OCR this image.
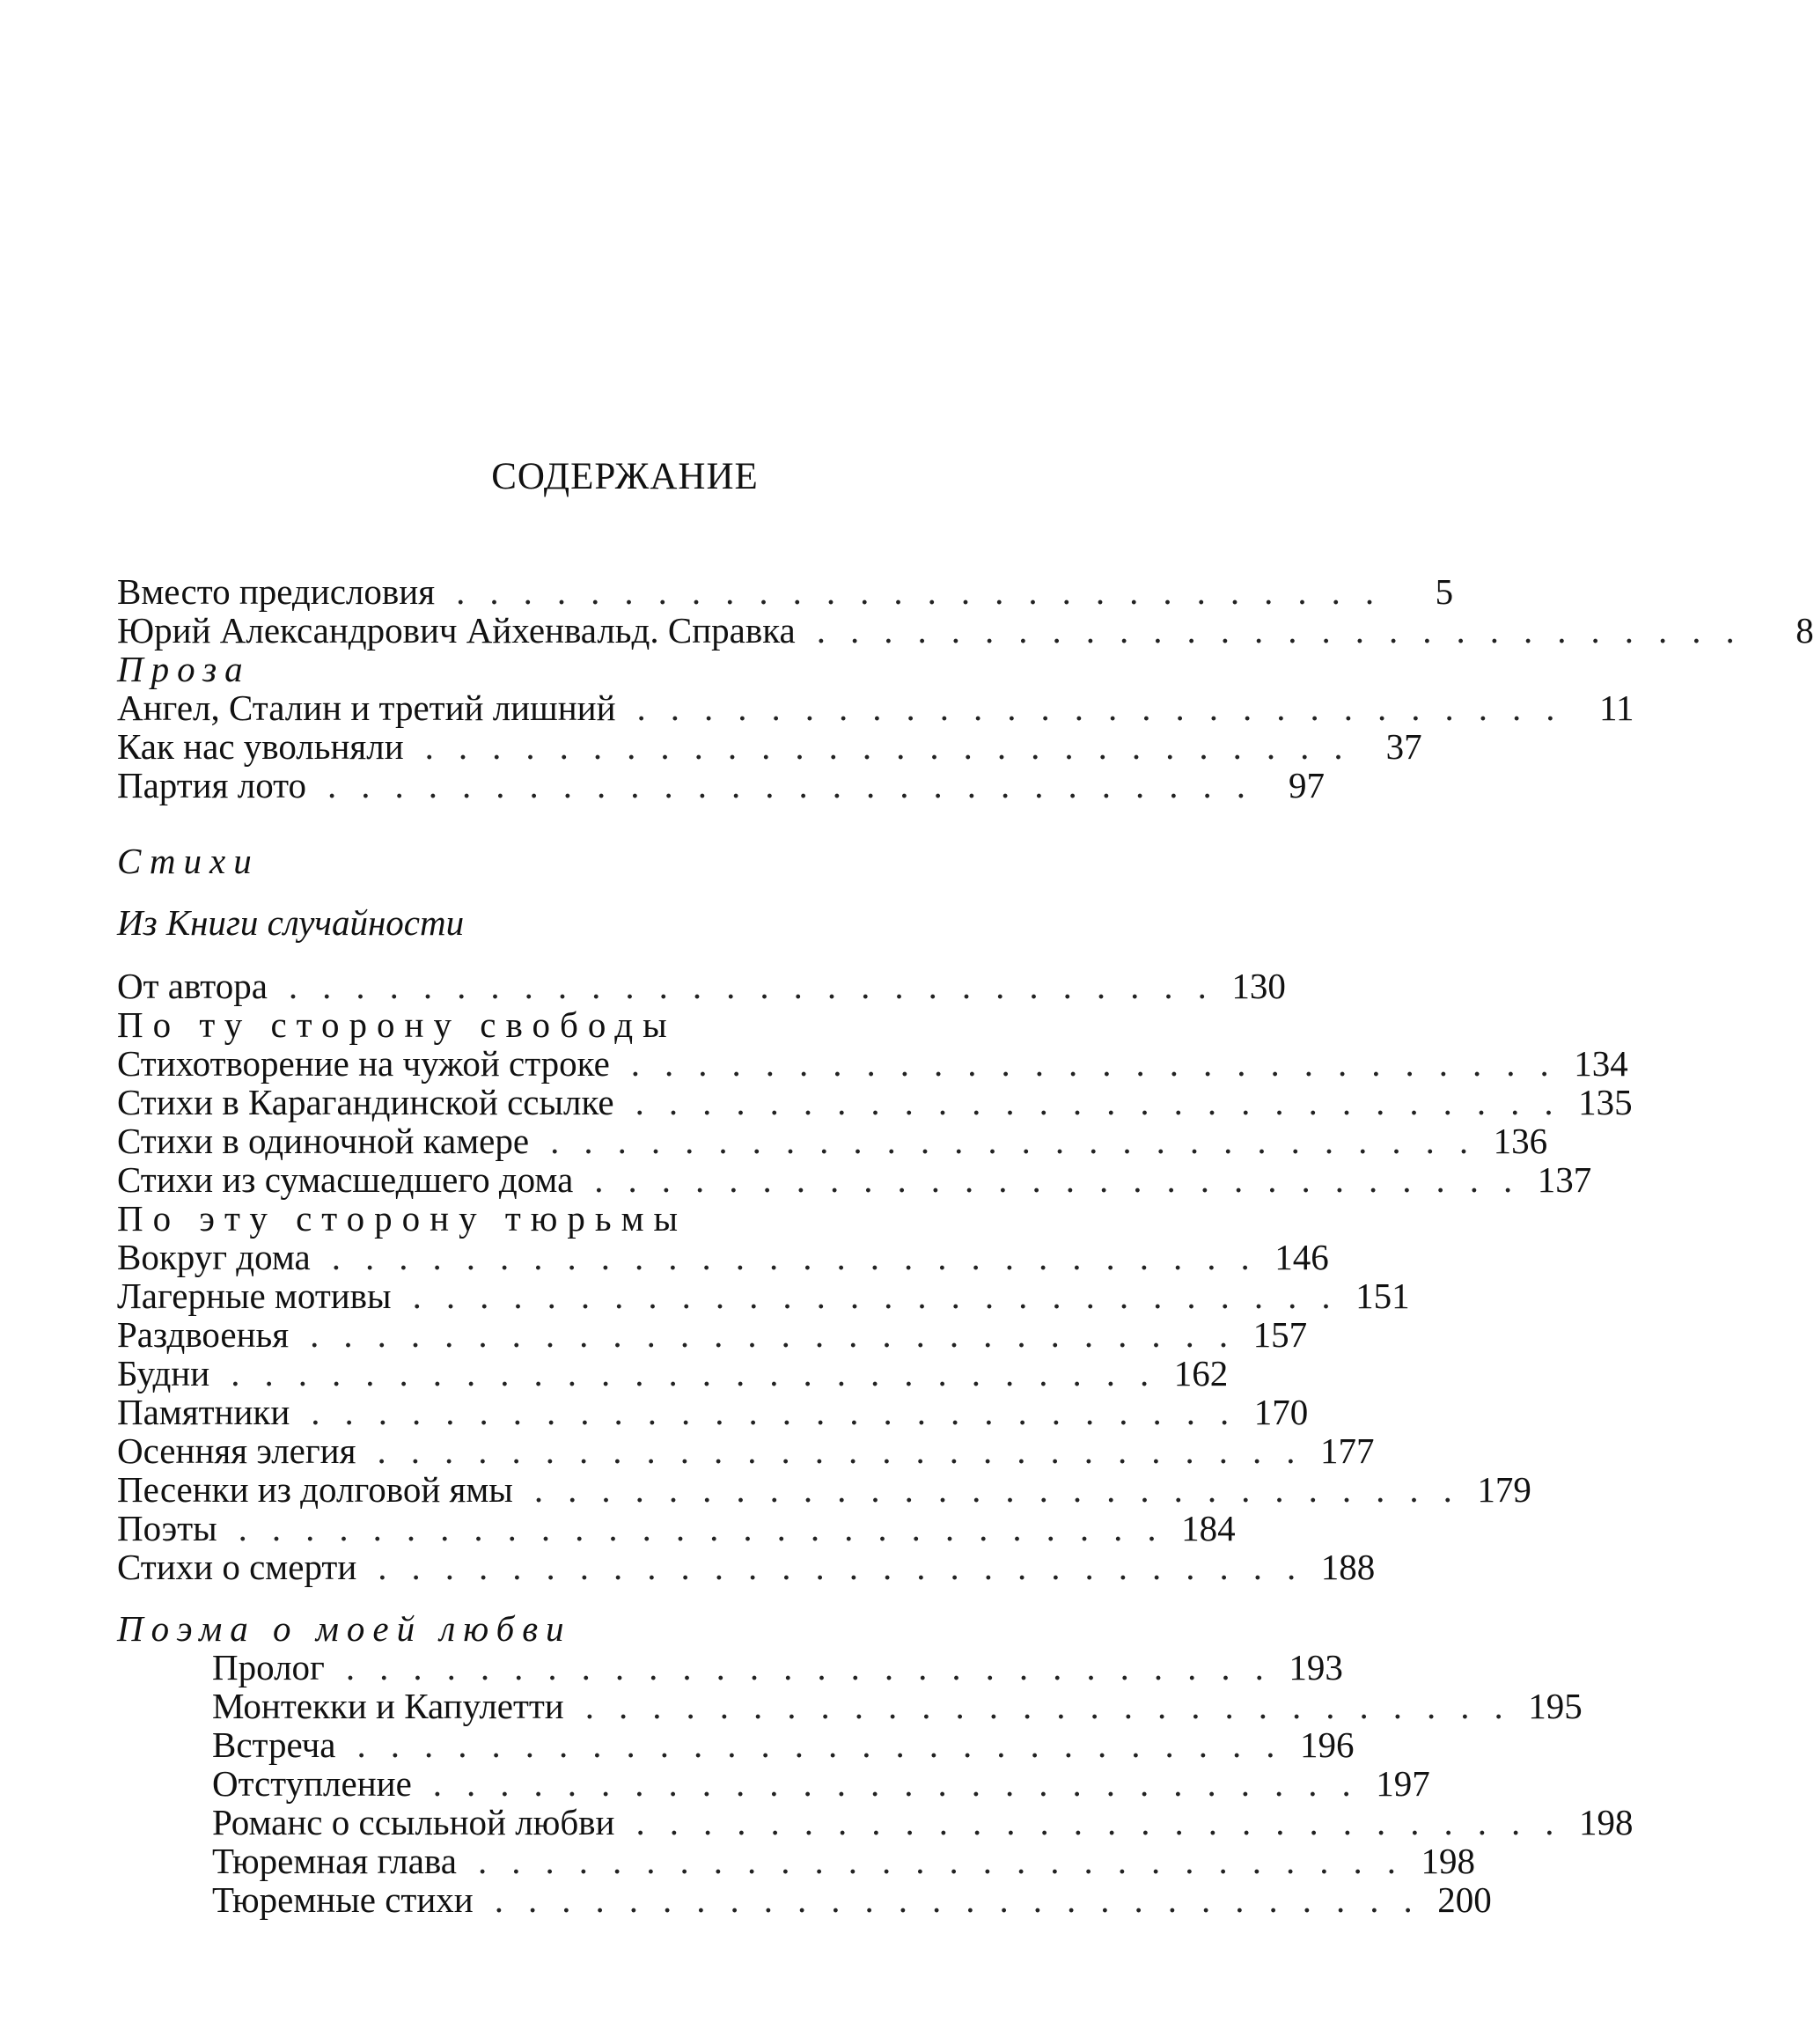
СОДЕРЖАНИЕ
Вместо предисловия ............................	5
Юрий Александрович Айхенвальд. Справка ............................	8
Проза
Ангел, Сталин и третий лишний ............................ 11
Как нас увольняли ............................ 37
Партия лото ............................ 97
Стихи
Из Книги случайности
От автора ............................ 130
По ту сторону свободы
Стихотворение на чужой строке ............................ 134
Стихи в Карагандинской ссылке ............................ 135
Стихи в одиночной камере ............................ 136
Стихи из сумасшедшего дома ............................ 137
По эту сторону тюрьмы
Вокруг дома ............................ 146
Лагерные мотивы ............................ 151
Раздвоенья ............................ 157
Будни ............................ 162
Памятники ............................ 170
Осенняя элегия ............................ 177
Песенки из долговой ямы ............................ 179
Поэты ............................ 184
Стихи о смерти ............................ 188
Поэма о моей любви
Пролог ............................ 193
Монтекки и Капулетти ............................ 195
Встреча ............................ 196
Отступление ............................ 197
Романс о ссыльной любви ............................ 198
Тюремная глава ............................ 198
Тюремные стихи ............................ 200
